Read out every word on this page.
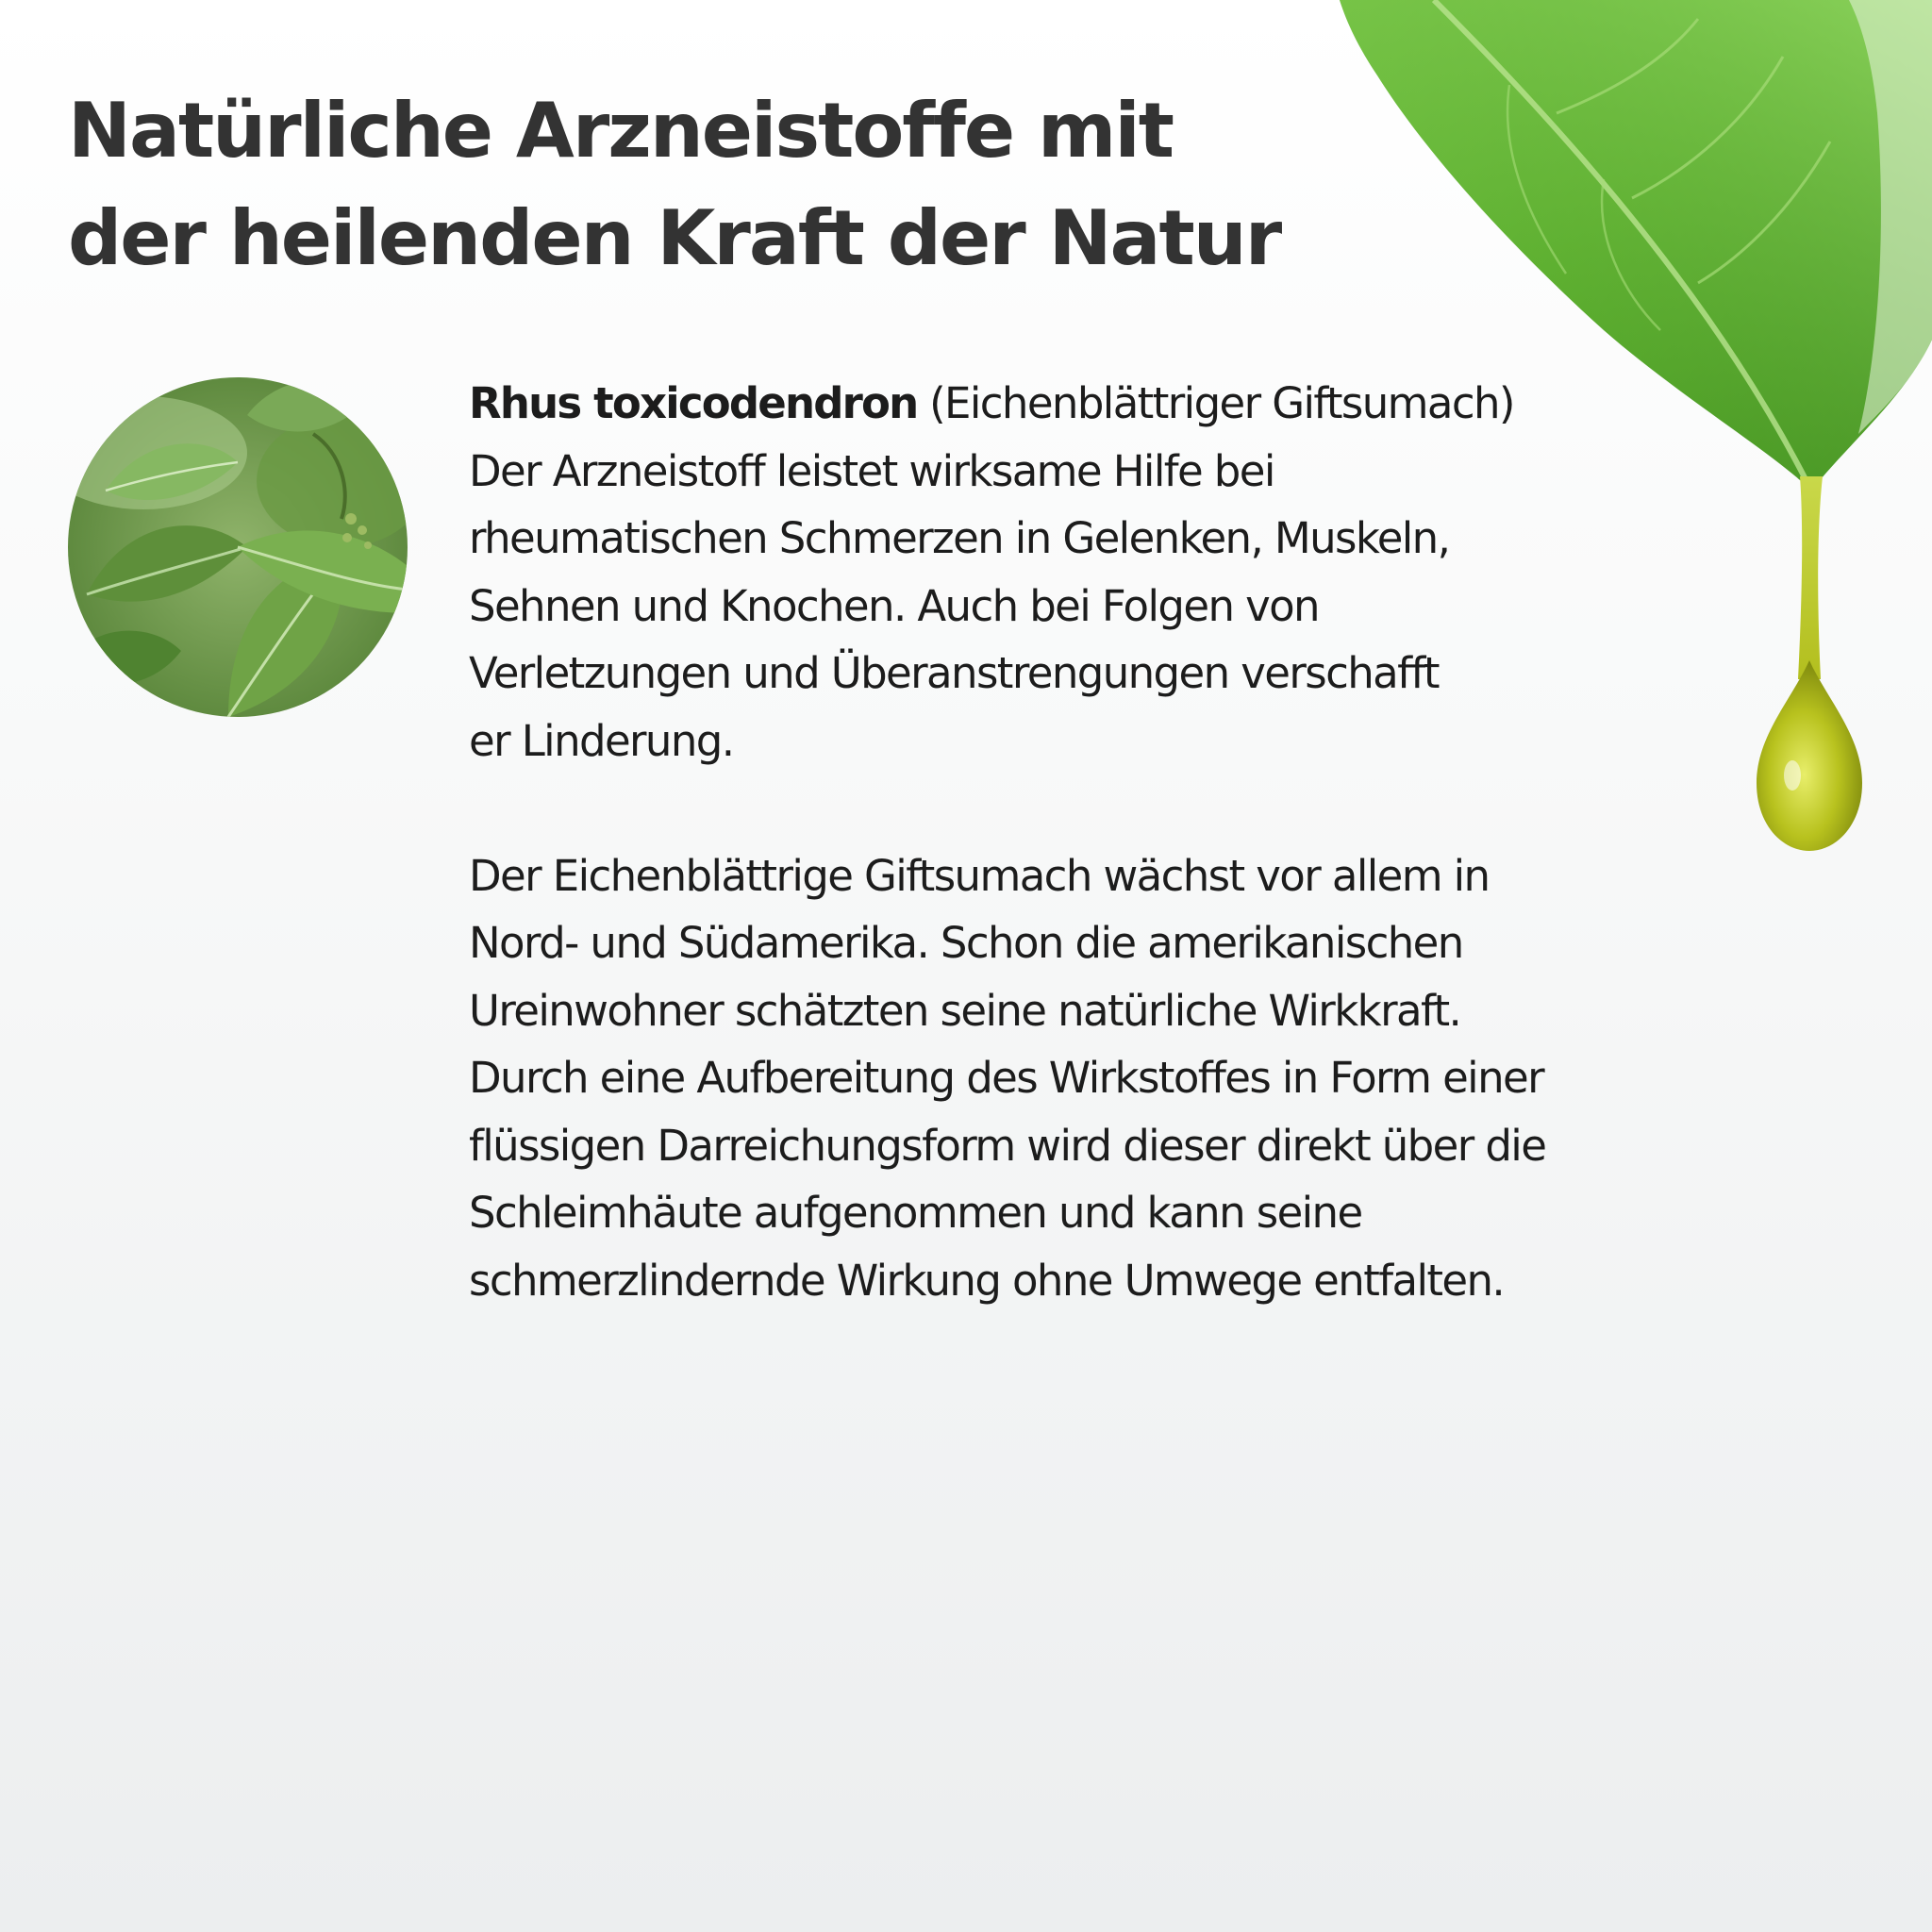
Natürliche Arzneistoffe mit
der heilenden Kraft der Natur
Rhus toxicodendron (Eichenblättriger Giftsumach)
Der Arzneistoff leistet wirksame Hilfe bei
rheumatischen Schmerzen in Gelenken, Muskeln,
Sehnen und Knochen. Auch bei Folgen von
Verletzungen und Überanstrengungen verschafft
er Linderung.
Der Eichenblättrige Giftsumach wächst vor allem in
Nord- und Südamerika. Schon die amerikanischen
Ureinwohner schätzten seine natürliche Wirkkraft.
Durch eine Aufbereitung des Wirkstoffes in Form einer
flüssigen Darreichungsform wird dieser direkt über die
Schleimhäute aufgenommen und kann seine
schmerzlindernde Wirkung ohne Umwege entfalten.
